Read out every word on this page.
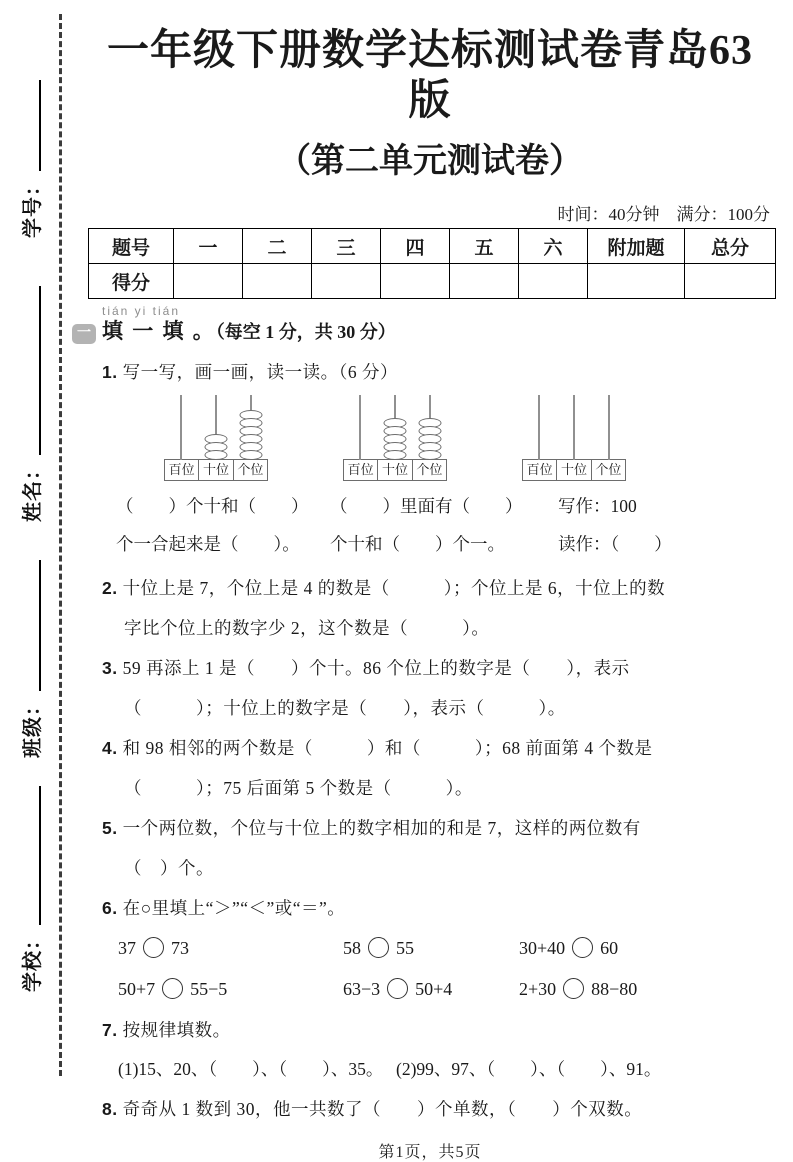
学号：
姓名：
班级：
学校：
一年级下册数学达标测试卷青岛63版
（第二单元测试卷）
时间：40分钟　满分：100分
题号	一	二	三	四	五	六	附加题	总分
得分								
tián yi tián
一 填 一 填 。（每空 1 分，共 30 分）
1. 写一写，画一画，读一读。（6 分）
百位 十位 个位	百位 十位 个位	百位 十位 个位
（　　）个十和（　　）	（　　）里面有（　　）	写作：100
个一合起来是（　　）。	个十和（　　）个一。	读作：（　　）
2. 十位上是 7，个位上是 4 的数是（　　　）；个位上是 6，十位上的数
字比个位上的数字少 2，这个数是（　　　）。
3. 59 再添上 1 是（　　）个十。86 个位上的数字是（　　），表示
（　　　）；十位上的数字是（　　），表示（　　　）。
4. 和 98 相邻的两个数是（　　　）和（　　　）；68 前面第 4 个数是
（　　　）；75 后面第 5 个数是（　　　）。
5. 一个两位数，个位与十位上的数字相加的和是 7，这样的两位数有
（　）个。
6. 在○里填上“＞”“＜”或“＝”。
37 73	58 55	30+40 60
50+7 55−5	63−3 50+4	2+30 88−80
7. 按规律填数。
(1)15、20、（　　）、（　　）、35。 (2)99、97、（　　）、（　　）、91。
8. 奇奇从 1 数到 30，他一共数了（　　）个单数，（　　）个双数。
第1页，共5页
